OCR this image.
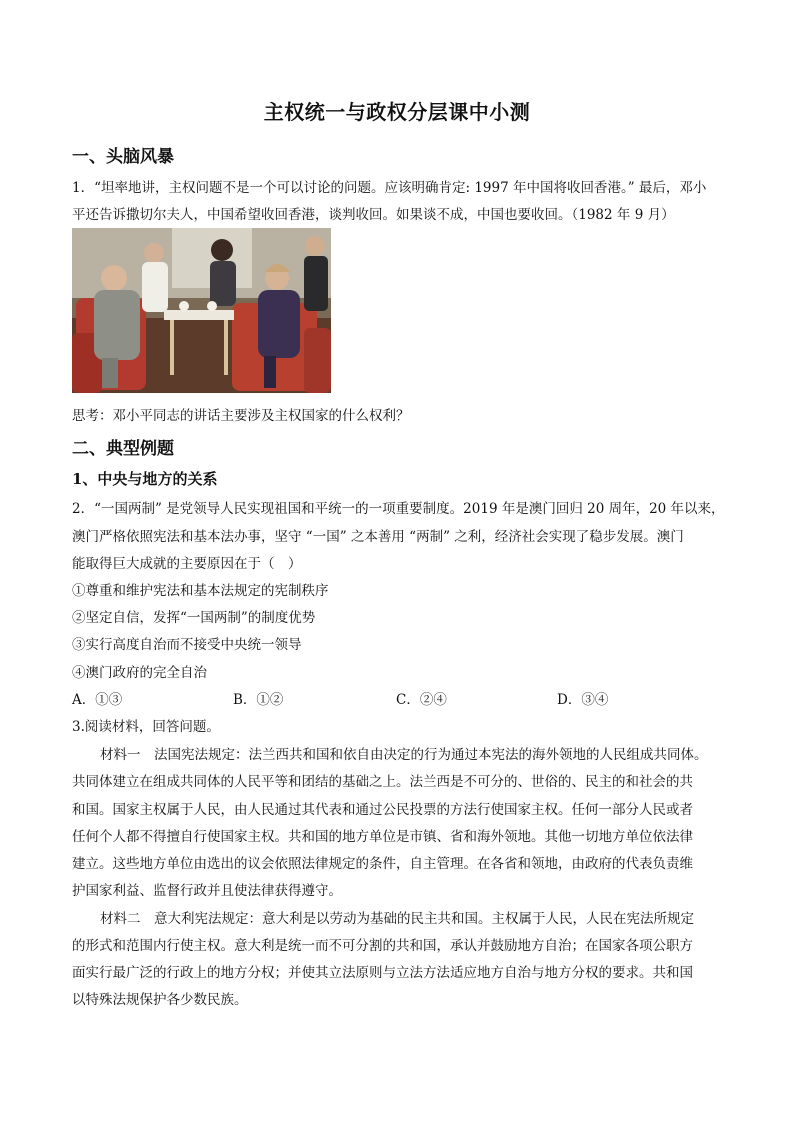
主权统一与政权分层课中小测
一、头脑风暴
1．“坦率地讲，主权问题不是一个可以讨论的问题。应该明确肯定: 1997 年中国将收回香港。” 最后，邓小
平还告诉撒切尔夫人，中国希望收回香港，谈判收回。如果谈不成，中国也要收回。（1982 年 9 月）
思考：邓小平同志的讲话主要涉及主权国家的什么权利？
二、典型例题
1、中央与地方的关系
2．“一国两制” 是党领导人民实现祖国和平统一的一项重要制度。2019 年是澳门回归 20 周年，20 年以来，
澳门严格依照宪法和基本法办事，坚守 “一国” 之本善用 “两制” 之利，经济社会实现了稳步发展。澳门
能取得巨大成就的主要原因在于（　）
①尊重和维护宪法和基本法规定的宪制秩序
②坚定自信，发挥“一国两制”的制度优势
③实行高度自治而不接受中央统一领导
④澳门政府的完全自治
A．①③	B．①②	C．②④	D．③④
3.阅读材料，回答问题。
材料一　法国宪法规定：法兰西共和国和依自由决定的行为通过本宪法的海外领地的人民组成共同体。
共同体建立在组成共同体的人民平等和团结的基础之上。法兰西是不可分的、世俗的、民主的和社会的共
和国。国家主权属于人民，由人民通过其代表和通过公民投票的方法行使国家主权。任何一部分人民或者
任何个人都不得擅自行使国家主权。共和国的地方单位是市镇、省和海外领地。其他一切地方单位依法律
建立。这些地方单位由选出的议会依照法律规定的条件，自主管理。在各省和领地，由政府的代表负责维
护国家利益、监督行政并且使法律获得遵守。
材料二　意大利宪法规定：意大利是以劳动为基础的民主共和国。主权属于人民，人民在宪法所规定
的形式和范围内行使主权。意大利是统一而不可分割的共和国，承认并鼓励地方自治；在国家各项公职方
面实行最广泛的行政上的地方分权；并使其立法原则与立法方法适应地方自治与地方分权的要求。共和国
以特殊法规保护各少数民族。
